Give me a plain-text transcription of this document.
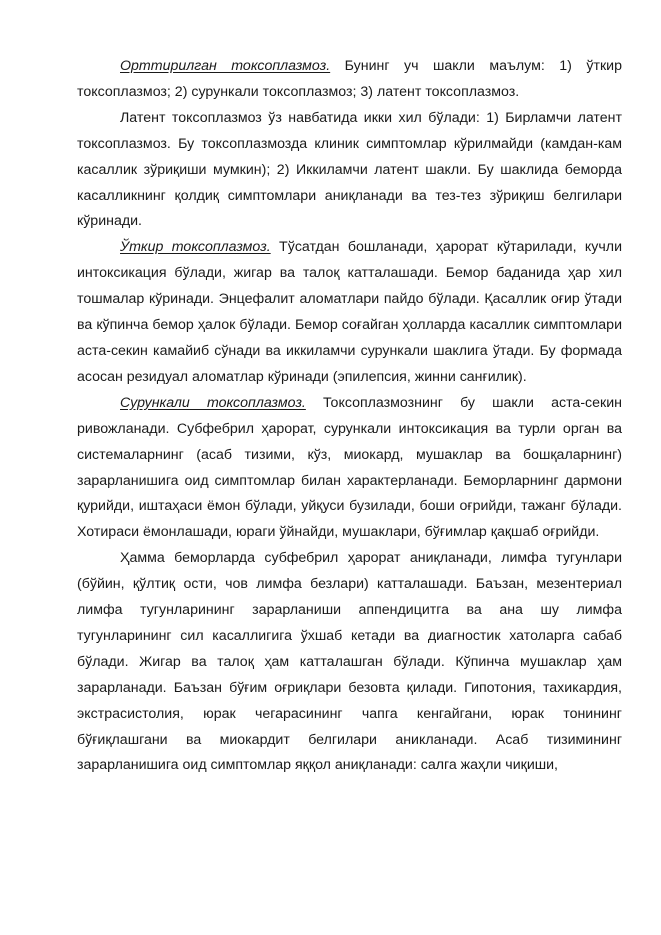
Орттирилган токсоплазмоз. Бунинг уч шакли маълум: 1) ўткир токсоплазмоз; 2) сурункали токсоплазмоз; 3) латент токсоплазмоз.

Латент токсоплазмоз ўз навбатида икки хил бўлади: 1) Бирламчи латент токсоплазмоз. Бу токсоплазмозда клиник симптомлар кўрилмайди (камдан-кам касаллик зўриқиши мумкин); 2) Иккиламчи латент шакли. Бу шаклида беморда касалликнинг қолдиқ симптомлари аниқланади ва тез-тез зўриқиш белгилари кўринади.

Ўткир токсоплазмоз. Тўсатдан бошланади, ҳарорат кўтарилади, кучли интоксикация бўлади, жигар ва талоқ катталашади. Бемор баданида ҳар хил тошмалар кўринади. Энцефалит аломатлари пайдо бўлади. Қасаллик оғир ўтади ва кўпинча бемор ҳалок бўлади. Бемор соғайган ҳолларда касаллик симптомлари аста-секин камайиб сўнади ва иккиламчи сурункали шаклига ўтади. Бу формада асосан резидуал аломатлар кўринади (эпилепсия, жинни санғилик).

Сурункали токсоплазмоз. Токсоплазмознинг бу шакли аста-секин ривожланади. Субфебрил ҳарорат, сурункали интоксикация ва турли орган ва системаларнинг (асаб тизими, кўз, миокард, мушаклар ва бошқаларнинг) зарарланишига оид симптомлар билан характерланади. Беморларнинг дармони қурийди, иштаҳаси ёмон бўлади, уйқуси бузилади, боши оғрийди, тажанг бўлади. Хотираси ёмонлашади, юраги ўйнайди, мушаклари, бўғимлар қақшаб оғрийди.

Ҳамма беморларда субфебрил ҳарорат аниқланади, лимфа тугунлари (бўйин, қўлтиқ ости, чов лимфа безлари) катталашади. Баъзан, мезентериал лимфа тугунларининг зарарланиши аппендицитга ва ана шу лимфа тугунларининг сил касаллигига ўхшаб кетади ва диагностик хатоларга сабаб бўлади. Жигар ва талоқ ҳам катталашган бўлади. Кўпинча мушаклар ҳам зарарланади. Баъзан бўғим оғриқлари безовта қилади. Гипотония, тахикардия, экстрасистолия, юрак чегарасининг чапга кенгайгани, юрак тонининг бўғиқлашгани ва миокардит белгилари аникланади. Асаб тизимининг зарарланишига оид симптомлар яққол аниқланади: салга жаҳли чиқиши,
